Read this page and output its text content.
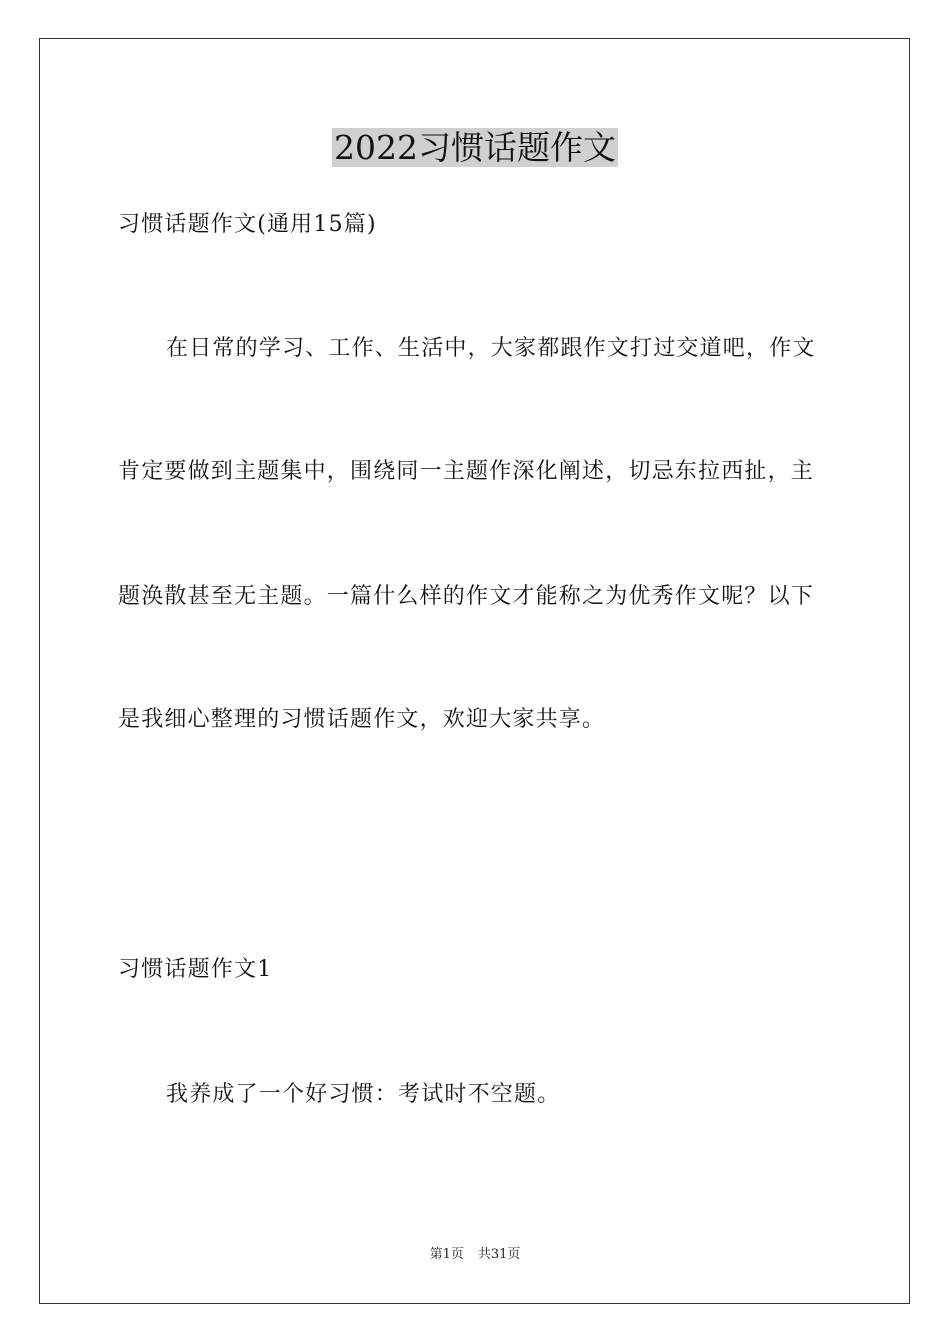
2022习惯话题作文
习惯话题作文(通用15篇)
在日常的学习、工作、生活中，大家都跟作文打过交道吧，作文
肯定要做到主题集中，围绕同一主题作深化阐述，切忌东拉西扯，主
题涣散甚至无主题。一篇什么样的作文才能称之为优秀作文呢？以下
是我细心整理的习惯话题作文，欢迎大家共享。
习惯话题作文1
我养成了一个好习惯：考试时不空题。
第1页 共31页
